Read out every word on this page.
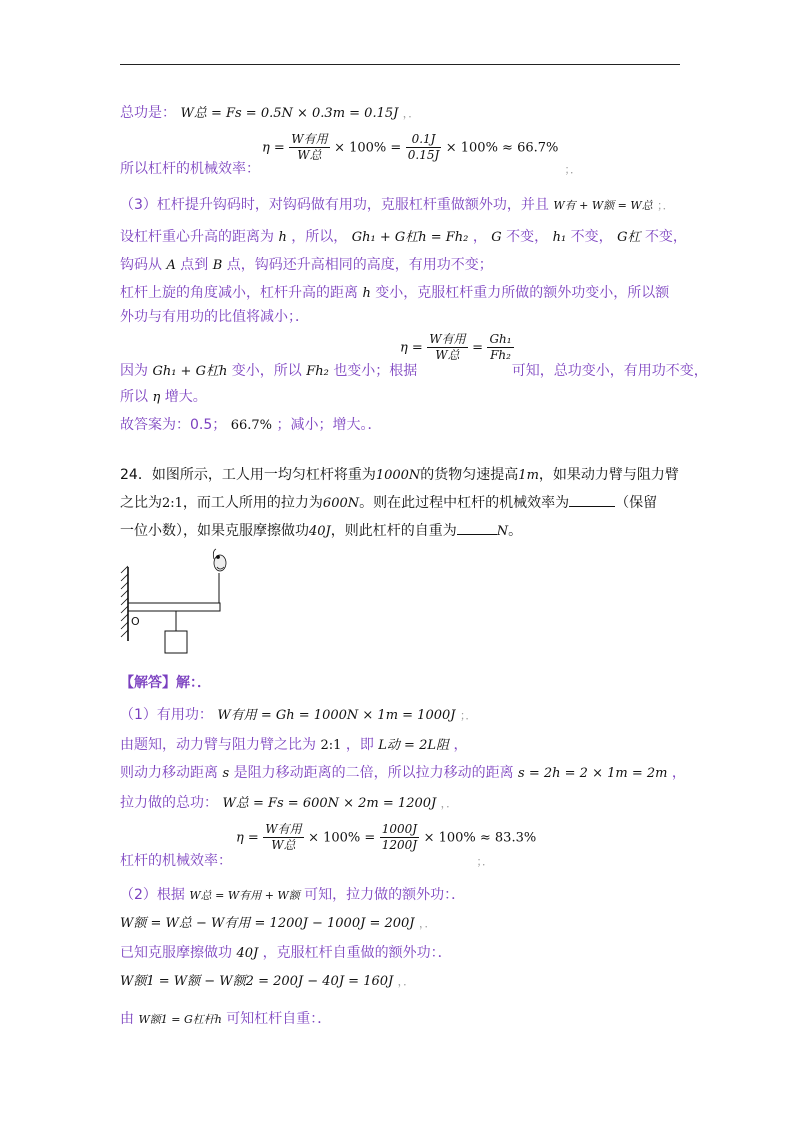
总功是： W总 = Fs = 0.5N × 0.3m = 0.15J ，．
$\eta = \frac{\text{W有用}}{\text{W总}} \times 100\% = \frac{0.1J}{0.15J} \times 100\% \approx 66.7\%$
所以杠杆的机械效率：	；．
（3）杠杆提升钩码时，对钩码做有用功，克服杠杆重做额外功，并且 W有 + W额 = W总 ；．
设杠杆重心升高的距离为 h ，所以， Gh₁ + G杠h = Fh₂ ， G 不变， h₁ 不变， G杠 不变，
钩码从 A 点到 B 点，钩码还升高相同的高度，有用功不变；
杠杆上旋的角度减小，杠杆升高的距离 h 变小，克服杠杆重力所做的额外功变小，所以额
外功与有用功的比值将减小；．
$\eta = \frac{\text{W有用}}{\text{W总}} = \frac{\text{Gh₁}}{\text{Fh₂}}$
因为 Gh₁ + G杠h 变小，所以 Fh₂ 也变小；根据	可知，总功变小，有用功不变，
所以 η 增大。
故答案为：0.5； 66.7% ；减小；增大。．
24．如图所示，工人用一均匀杠杆将重为1000N的货物匀速提高1m，如果动力臂与阻力臂
之比为2:1，而工人所用的拉力为600N。则在此过程中杠杆的机械效率为	（保留
一位小数），如果克服摩擦做功40J，则此杠杆的自重为	N。
O
【解答】解：．
（1）有用功： W有用 = Gh = 1000N × 1m = 1000J ；．
由题知，动力臂与阻力臂之比为 2:1 ，即 L动 = 2L阻 ，
则动力移动距离 s 是阻力移动距离的二倍，所以拉力移动的距离 s = 2h = 2 × 1m = 2m ，
拉力做的总功： W总 = Fs = 600N × 2m = 1200J ，．
$\eta = \frac{\text{W有用}}{\text{W总}} \times 100\% = \frac{1000J}{1200J} \times 100\% \approx 83.3\%$
杠杆的机械效率：	；．
（2）根据 W总 = W有用 + W额 可知，拉力做的额外功：．
W额 = W总 − W有用 = 1200J − 1000J = 200J ，．
已知克服摩擦做功 40J ，克服杠杆自重做的额外功：．
W额1 = W额 − W额2 = 200J − 40J = 160J ，．
由 W额1 = G杠杆h 可知杠杆自重：．
